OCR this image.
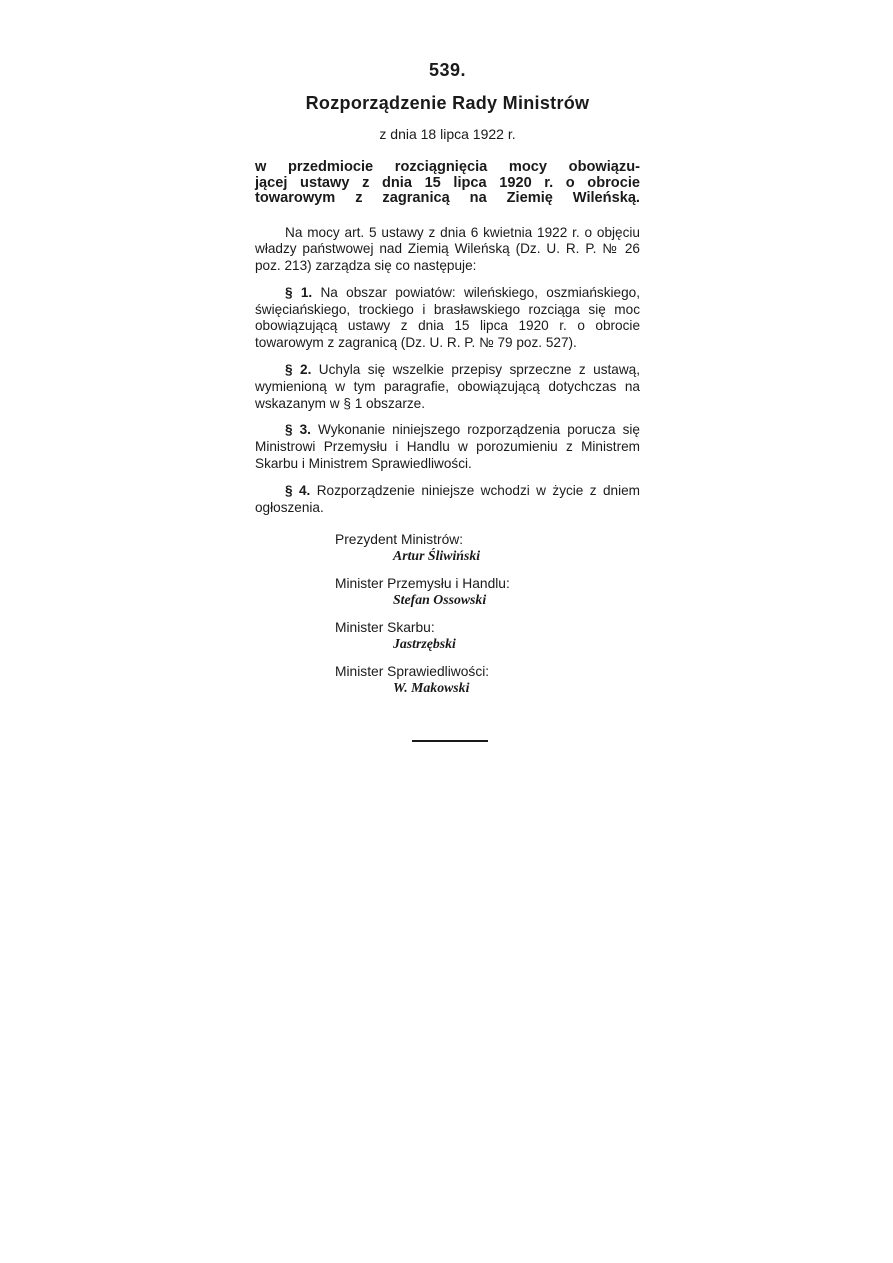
539.
Rozporządzenie Rady Ministrów
z dnia 18 lipca 1922 r.
w przedmiocie rozciągnięcia mocy obowiązu-
jącej ustawy z dnia 15 lipca 1920 r. o obrocie
towarowym z zagranicą na Ziemię Wileńską.

Na mocy art. 5 ustawy z dnia 6 kwietnia 1922 r. o objęciu władzy państwowej nad Ziemią Wileńską (Dz. U. R. P. № 26 poz. 213) zarządza się co następuje:

§ 1. Na obszar powiatów: wileńskiego, oszmiańskiego, święciańskiego, trockiego i brasławskiego rozciąga się moc obowiązującą ustawy z dnia 15 lipca 1920 r. o obrocie towarowym z zagranicą (Dz. U. R. P. № 79 poz. 527).

§ 2. Uchyla się wszelkie przepisy sprzeczne z ustawą, wymienioną w tym paragrafie, obowiązującą dotychczas na wskazanym w § 1 obszarze.

§ 3. Wykonanie niniejszego rozporządzenia porucza się Ministrowi Przemysłu i Handlu w porozumieniu z Ministrem Skarbu i Ministrem Sprawiedliwości.

§ 4. Rozporządzenie niniejsze wchodzi w życie z dniem ogłoszenia.

Prezydent Ministrów:
Artur Śliwiński
Minister Przemysłu i Handlu:
Stefan Ossowski
Minister Skarbu:
Jastrzębski
Minister Sprawiedliwości:
W. Makowski
